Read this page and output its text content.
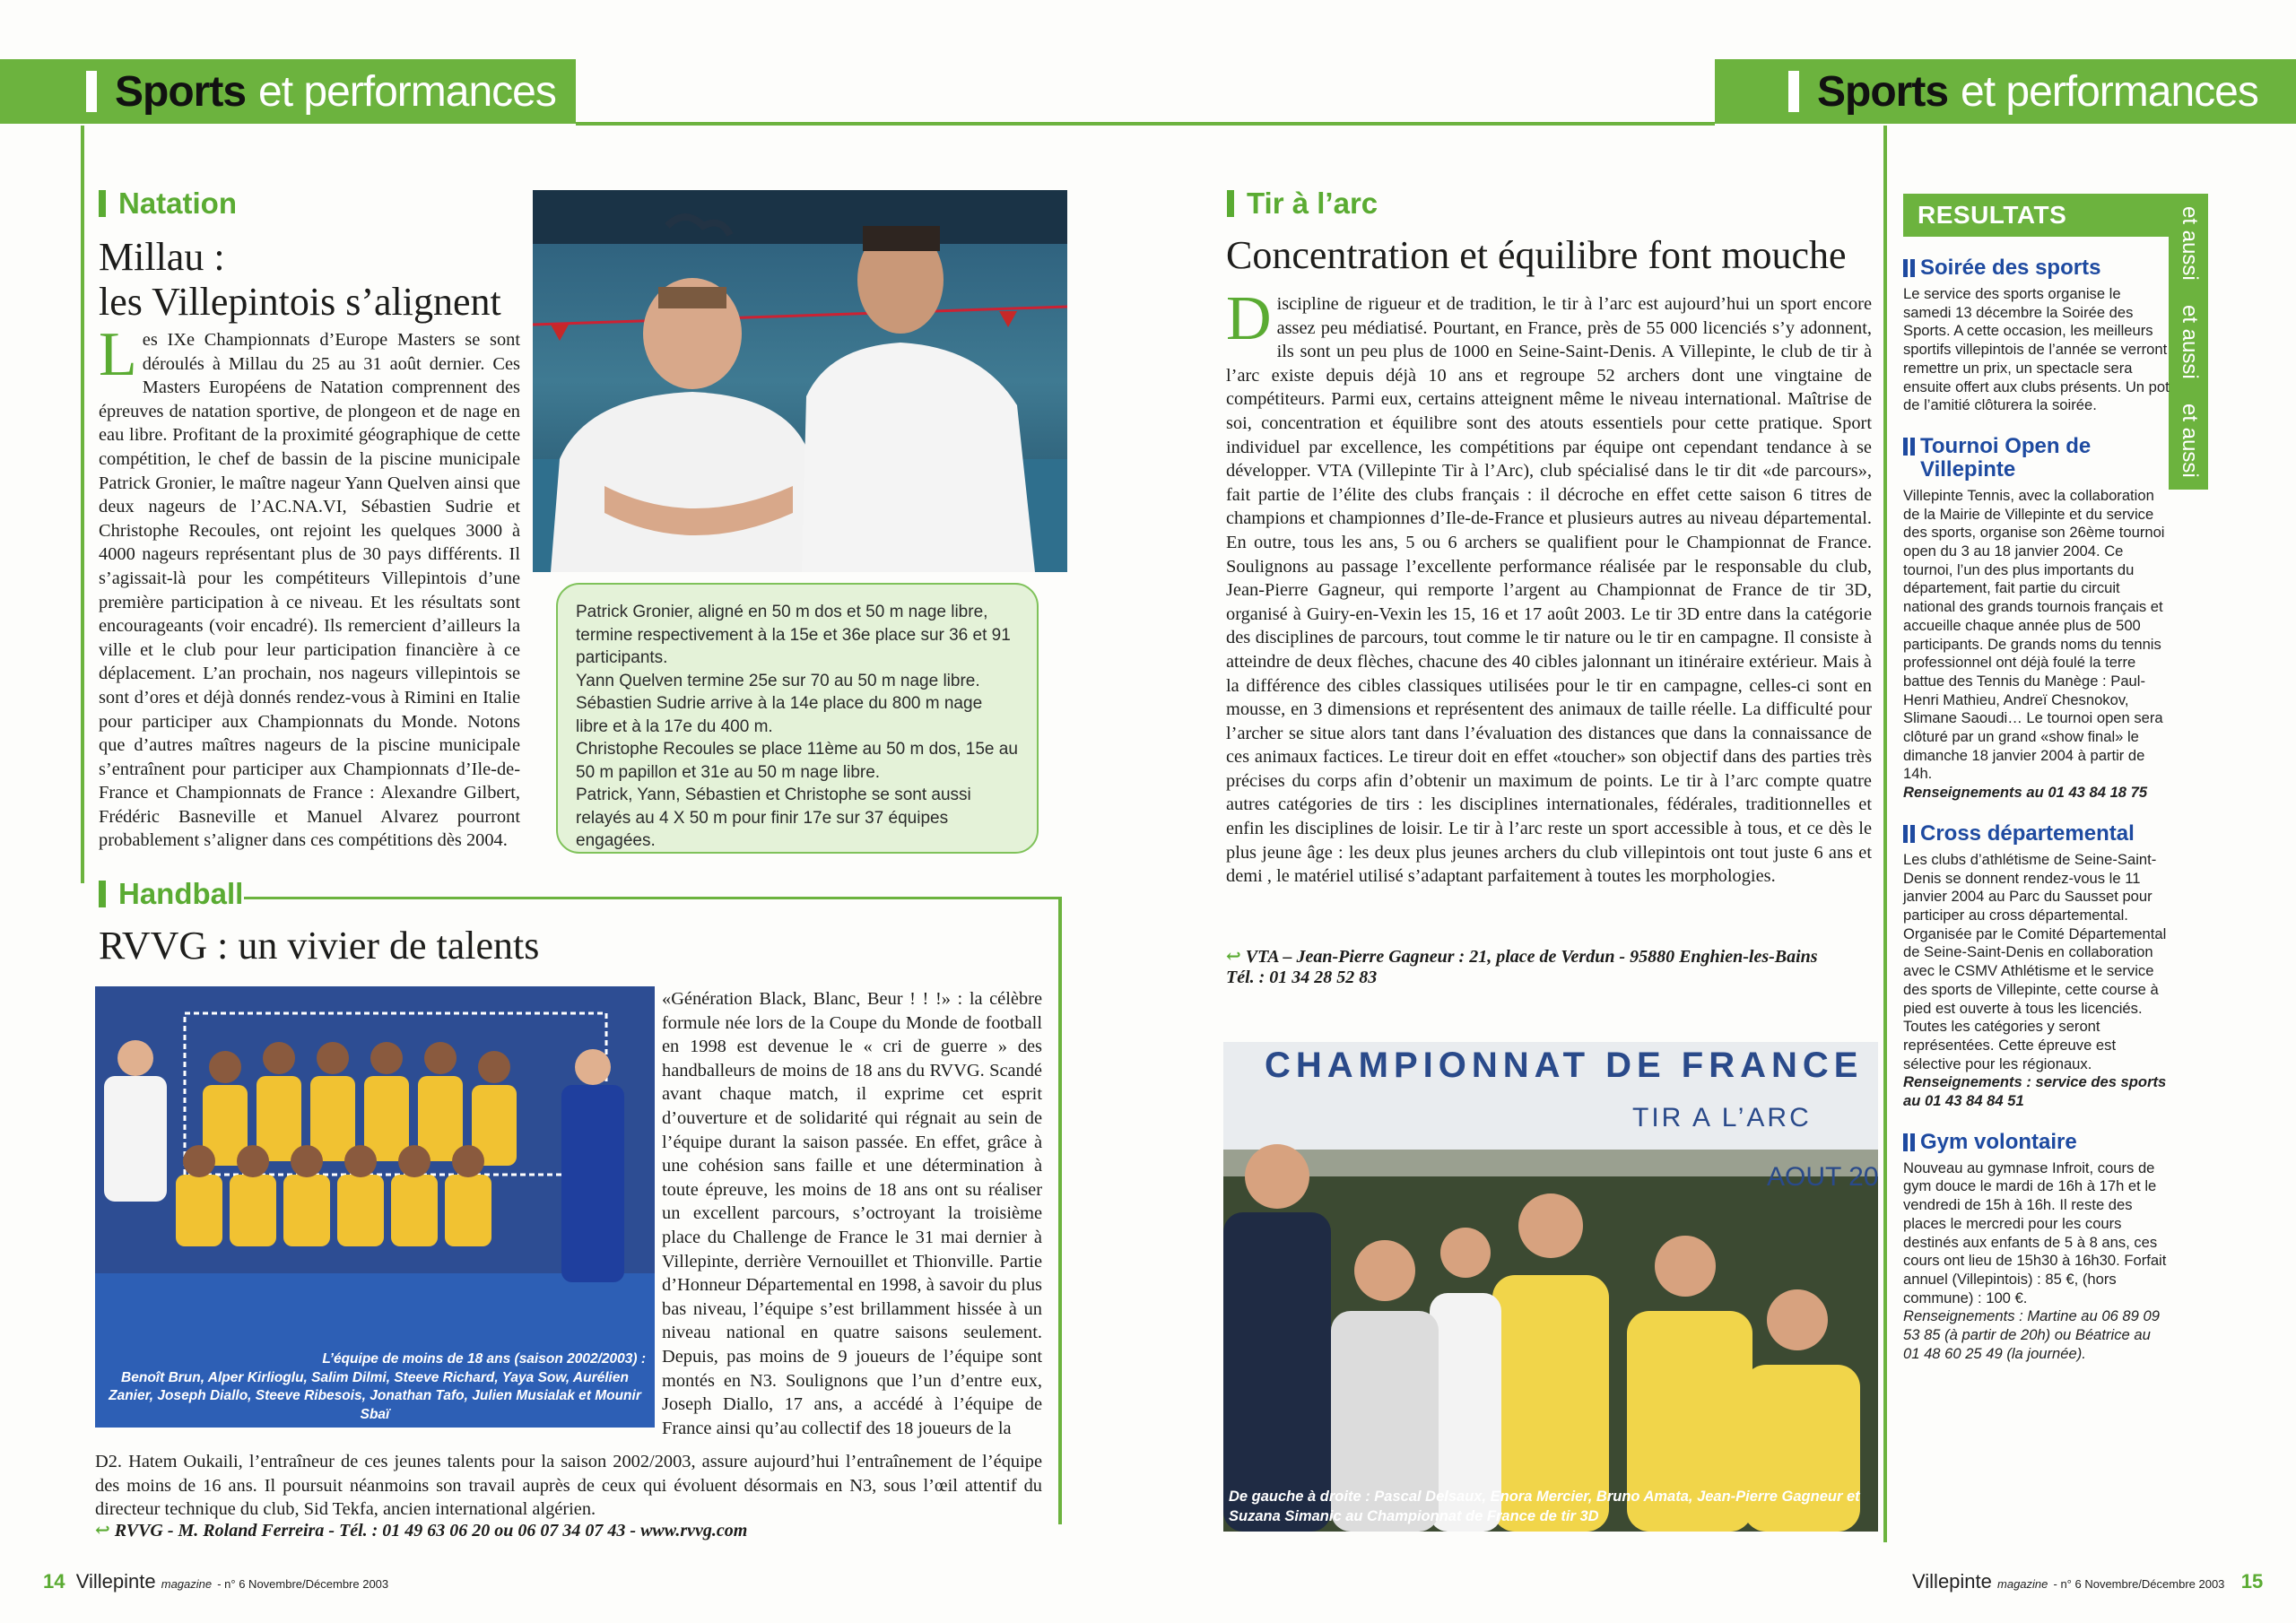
Sports et performances	Sports et performances
Natation
Millau :
les Villepintois s’alignent
Les IXe Championnats d’Europe Masters se sont déroulés à Millau du 25 au 31 août dernier. Ces Masters Européens de Natation comprennent des épreuves de natation sportive, de plongeon et de nage en eau libre. Profitant de la proximité géographique de cette compétition, le chef de bassin de la piscine municipale Patrick Gronier, le maître nageur Yann Quelven ainsi que deux nageurs de l’AC.NA.VI, Sébastien Sudrie et Christophe Recoules, ont rejoint les quelques 3000 à 4000 nageurs représentant plus de 30 pays différents. Il s’agissait-là pour les compétiteurs Villepintois d’une première participation à ce niveau. Et les résultats sont encourageants (voir encadré). Ils remercient d’ailleurs la ville et le club pour leur participation financière à ce déplacement. L’an prochain, nos nageurs villepintois se sont d’ores et déjà donnés rendez-vous à Rimini en Italie pour participer aux Championnats du Monde. Notons que d’autres maîtres nageurs de la piscine municipale s’entraînent pour participer aux Championnats d’Ile-de-France et Championnats de France : Alexandre Gilbert, Frédéric Basneville et Manuel Alvarez pourront probablement s’aligner dans ces compétitions dès 2004.
Patrick Gronier, aligné en 50 m dos et 50 m nage libre, termine respectivement à la 15e et 36e place sur 36 et 91 participants.
Yann Quelven termine 25e sur 70 au 50 m nage libre.
Sébastien Sudrie arrive à la 14e place du 800 m nage libre et à la 17e du 400 m.
Christophe Recoules se place 11ème au 50 m dos, 15e au 50 m papillon et 31e au 50 m nage libre.
Patrick, Yann, Sébastien et Christophe se sont aussi relayés au 4 X 50 m pour finir 17e sur 37 équipes engagées.
Handball
RVVG : un vivier de talents
L’équipe de moins de 18 ans (saison 2002/2003) :
Benoît Brun, Alper Kirlioglu, Salim Dilmi, Steeve Richard, Yaya Sow, Aurélien Zanier, Joseph Diallo, Steeve Ribesois, Jonathan Tafo, Julien Musialak et Mounir Sbaï
«Génération Black, Blanc, Beur ! ! !» : la célèbre formule née lors de la Coupe du Monde de football en 1998 est devenue le « cri de guerre » des handballeurs de moins de 18 ans du RVVG. Scandé avant chaque match, il exprime cet esprit d’ouverture et de solidarité qui régnait au sein de l’équipe durant la saison passée. En effet, grâce à une cohésion sans faille et une détermination à toute épreuve, les moins de 18 ans ont su réaliser un excellent parcours, s’octroyant la troisième place du Challenge de France le 31 mai dernier à Villepinte, derrière Vernouillet et Thionville. Partie d’Honneur Départemental en 1998, à savoir du plus bas niveau, l’équipe s’est brillamment hissée à un niveau national en quatre saisons seulement. Depuis, pas moins de 9 joueurs de l’équipe sont montés en N3. Soulignons que l’un d’entre eux, Joseph Diallo, 17 ans, a accédé à l’équipe de France ainsi qu’au collectif des 18 joueurs de la
D2. Hatem Oukaili, l’entraîneur de ces jeunes talents pour la saison 2002/2003, assure aujourd’hui l’entraînement de l’équipe des moins de 16 ans. Il poursuit néanmoins son travail auprès de ceux qui évoluent désormais en N3, sous l’œil attentif du directeur technique du club, Sid Tekfa, ancien international algérien.
↩ RVVG - M. Roland Ferreira - Tél. : 01 49 63 06 20 ou 06 07 34 07 43 - www.rvvg.com
Tir à l’arc
Concentration et équilibre font mouche
Discipline de rigueur et de tradition, le tir à l’arc est aujourd’hui un sport encore assez peu médiatisé. Pourtant, en France, près de 55 000 licenciés s’y adonnent, ils sont un peu plus de 1000 en Seine-Saint-Denis. A Villepinte, le club de tir à l’arc existe depuis déjà 10 ans et regroupe 52 archers dont une vingtaine de compétiteurs. Parmi eux, certains atteignent même le niveau international. Maîtrise de soi, concentration et équilibre sont des atouts essentiels pour cette pratique. Sport individuel par excellence, les compétitions par équipe ont cependant tendance à se développer. VTA (Villepinte Tir à l’Arc), club spécialisé dans le tir dit «de parcours», fait partie de l’élite des clubs français : il décroche en effet cette saison 6 titres de champions et championnes d’Ile-de-France et plusieurs autres au niveau départemental. En outre, tous les ans, 5 ou 6 archers se qualifient pour le Championnat de France. Soulignons au passage l’excellente performance réalisée par le responsable du club, Jean-Pierre Gagneur, qui remporte l’argent au Championnat de France de tir 3D, organisé à Guiry-en-Vexin les 15, 16 et 17 août 2003. Le tir 3D entre dans la catégorie des disciplines de parcours, tout comme le tir nature ou le tir en campagne. Il consiste à atteindre de deux flèches, chacune des 40 cibles jalonnant un itinéraire extérieur. Mais à la différence des cibles classiques utilisées pour le tir en campagne, celles-ci sont en mousse, en 3 dimensions et représentent des animaux de taille réelle. La difficulté pour l’archer se situe alors tant dans l’évaluation des distances que dans la connaissance de ces animaux factices. Le tireur doit en effet «toucher» son objectif dans des parties très précises du corps afin d’obtenir un maximum de points. Le tir à l’arc compte quatre autres catégories de tirs : les disciplines internationales, fédérales, traditionnelles et enfin les disciplines de loisir. Le tir à l’arc reste un sport accessible à tous, et ce dès le plus jeune âge : les deux plus jeunes archers du club villepintois ont tout juste 6 ans et demi , le matériel utilisé s’adaptant parfaitement à toutes les morphologies.
↩ VTA – Jean-Pierre Gagneur : 21, place de Verdun - 95880 Enghien-les-Bains
Tél. : 01 34 28 52 83
CHAMPIONNAT DE FRANCE
TIR A L’ARC
AOUT 20
De gauche à droite : Pascal Delsaux, Enora Mercier, Bruno Amata, Jean-Pierre Gagneur et Suzana Simanic au Championnat de France de tir 3D
et aussi
et aussi
et aussi
RESULTATS
Soirée des sports
Le service des sports organise le samedi 13 décembre la Soirée des Sports. A cette occasion, les meilleurs sportifs villepintois de l’année se verront remettre un prix, un spectacle sera ensuite offert aux clubs présents. Un pot de l’amitié clôturera la soirée.
Tournoi Open de Villepinte
Villepinte Tennis, avec la collaboration de la Mairie de Villepinte et du service des sports, organise son 26ème tournoi open du 3 au 18 janvier 2004. Ce tournoi, l’un des plus importants du département, fait partie du circuit national des grands tournois français et accueille chaque année plus de 500 participants. De grands noms du tennis professionnel ont déjà foulé la terre battue des Tennis du Manège : Paul-Henri Mathieu, Andreï Chesnokov, Slimane Saoudi… Le tournoi open sera clôturé par un grand «show final» le dimanche 18 janvier 2004 à partir de 14h.
Renseignements au 01 43 84 18 75
Cross départemental
Les clubs d’athlétisme de Seine-Saint-Denis se donnent rendez-vous le 11 janvier 2004 au Parc du Sausset pour participer au cross départemental. Organisée par le Comité Départemental de Seine-Saint-Denis en collaboration avec le CSMV Athlétisme et le service des sports de Villepinte, cette course à pied est ouverte à tous les licenciés. Toutes les catégories y seront représentées. Cette épreuve est sélective pour les régionaux.
Renseignements : service des sports au 01 43 84 84 51
Gym volontaire
Nouveau au gymnase Infroit, cours de gym douce le mardi de 16h à 17h et le vendredi de 15h à 16h. Il reste des places le mercredi pour les cours destinés aux enfants de 5 à 8 ans, ces cours ont lieu de 15h30 à 16h30. Forfait annuel (Villepintois) : 85 €, (hors commune) : 100 €.
Renseignements : Martine au 06 89 09 53 85 (à partir de 20h) ou Béatrice au 01 48 60 25 49 (la journée).
14 Villepinte magazine - n° 6 Novembre/Décembre 2003	Villepinte magazine - n° 6 Novembre/Décembre 2003 15
